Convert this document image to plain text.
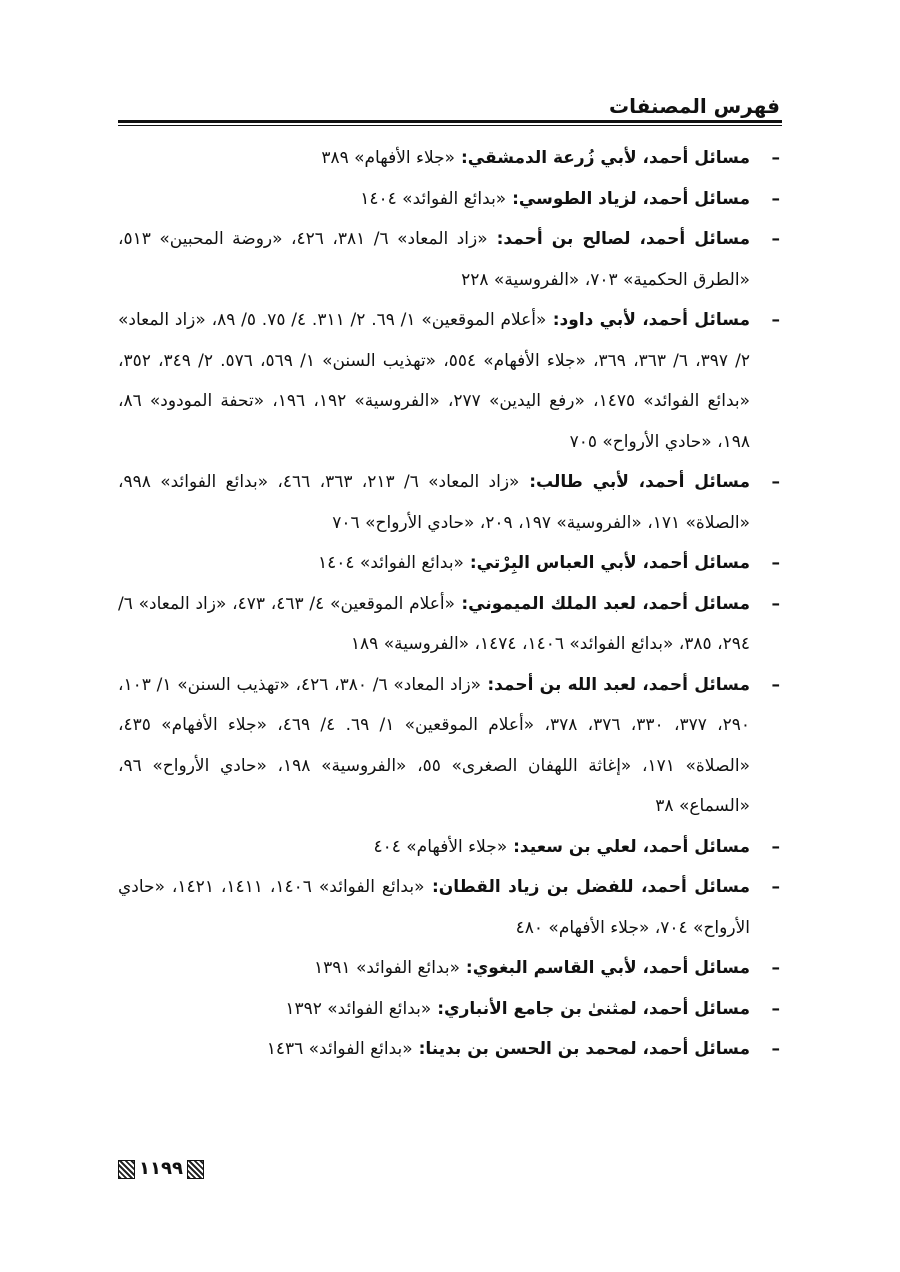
فهرس المصنفات
–
مسائل أحمد، لأبي زُرعة الدمشقي: «جلاء الأفهام» ٣٨٩
–
مسائل أحمد، لزياد الطوسي: «بدائع الفوائد» ١٤٠٤
–
مسائل أحمد، لصالح بن أحمد: «زاد المعاد» ٦/ ٣٨١، ٤٢٦، «روضة المحبين» ٥١٣، «الطرق الحكمية» ٧٠٣، «الفروسية» ٢٢٨
–
مسائل أحمد، لأبي داود: «أعلام الموقعين» ١/ ٦٩. ٢/ ٣١١. ٤/ ٧٥. ٥/ ٨٩، «زاد المعاد» ٢/ ٣٩٧، ٦/ ٣٦٣، ٣٦٩، «جلاء الأفهام» ٥٥٤، «تهذيب السنن» ١/ ٥٦٩، ٥٧٦. ٢/ ٣٤٩، ٣٥٢، «بدائع الفوائد» ١٤٧٥، «رفع اليدين» ٢٧٧، «الفروسية» ١٩٢، ١٩٦، «تحفة المودود» ٨٦، ١٩٨، «حادي الأرواح» ٧٠٥
–
مسائل أحمد، لأبي طالب: «زاد المعاد» ٦/ ٢١٣، ٣٦٣، ٤٦٦، «بدائع الفوائد» ٩٩٨، «الصلاة» ١٧١، «الفروسية» ١٩٧، ٢٠٩، «حادي الأرواح» ٧٠٦
–
مسائل أحمد، لأبي العباس البِرْتي: «بدائع الفوائد» ١٤٠٤
–
مسائل أحمد، لعبد الملك الميموني: «أعلام الموقعين» ٤/ ٤٦٣، ٤٧٣، «زاد المعاد» ٦/ ٢٩٤، ٣٨٥، «بدائع الفوائد» ١٤٠٦، ١٤٧٤، «الفروسية» ١٨٩
–
مسائل أحمد، لعبد الله بن أحمد: «زاد المعاد» ٦/ ٣٨٠، ٤٢٦، «تهذيب السنن» ١/ ١٠٣، ٢٩٠، ٣٧٧، ٣٣٠، ٣٧٦، ٣٧٨، «أعلام الموقعين» ١/ ٦٩. ٤/ ٤٦٩، «جلاء الأفهام» ٤٣٥، «الصلاة» ١٧١، «إغاثة اللهفان الصغرى» ٥٥، «الفروسية» ١٩٨، «حادي الأرواح» ٩٦، «السماع» ٣٨
–
مسائل أحمد، لعلي بن سعيد: «جلاء الأفهام» ٤٠٤
–
مسائل أحمد، للفضل بن زياد القطان: «بدائع الفوائد» ١٤٠٦، ١٤١١، ١٤٢١، «حادي الأرواح» ٧٠٤، «جلاء الأفهام» ٤٨٠
–
مسائل أحمد، لأبي القاسم البغوي: «بدائع الفوائد» ١٣٩١
–
مسائل أحمد، لمثنىٰ بن جامع الأنباري: «بدائع الفوائد» ١٣٩٢
–
مسائل أحمد، لمحمد بن الحسن بن بدينا: «بدائع الفوائد» ١٤٣٦
١١٩٩
